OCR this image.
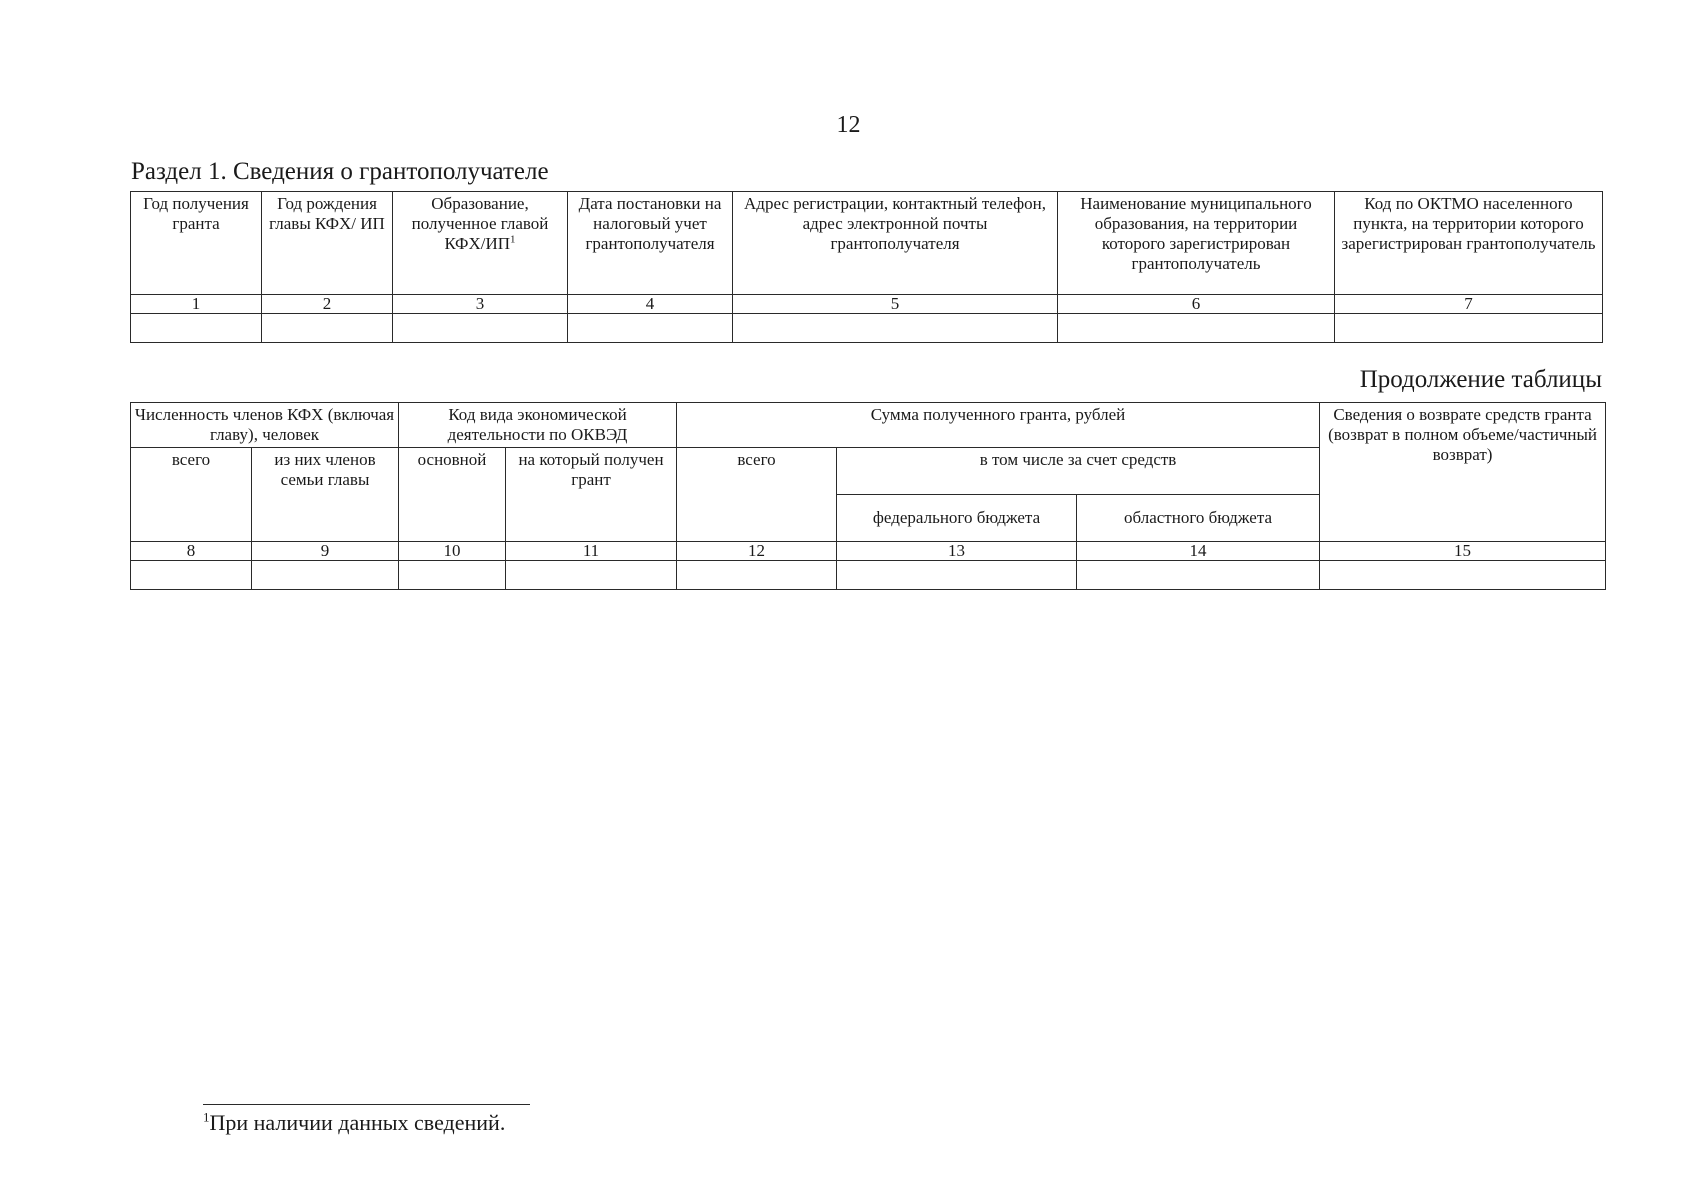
12
Раздел 1. Сведения о грантополучателе
Год получения гранта	Год рождения главы КФХ/ ИП	Образование, полученное главой КФХ/$ИП^1$	Дата постановки на налоговый учет грантополучателя	Адрес регистрации, контактный телефон, адрес электронной почты грантополучателя	Наименование муниципального образования, на территории которого зарегистрирован грантополучатель	Код по ОКТМО населенного пункта, на территории которого зарегистрирован грантополучатель
1	2	3	4	5	6	7

Продолжение таблицы
Численность членов КФХ (включая главу), человек		Код вида экономической деятельности по ОКВЭД		Сумма полученного гранта, рублей			Сведения о возврате средств гранта (возврат в полном объеме/частичный возврат)
всего	из них членов семьи главы	основной	на который получен грант	всего	в том числе за счет средств		
					федерального бюджета	областного бюджета	
8	9	10	11	12	13	14	15

$^1$При наличии данных сведений.
